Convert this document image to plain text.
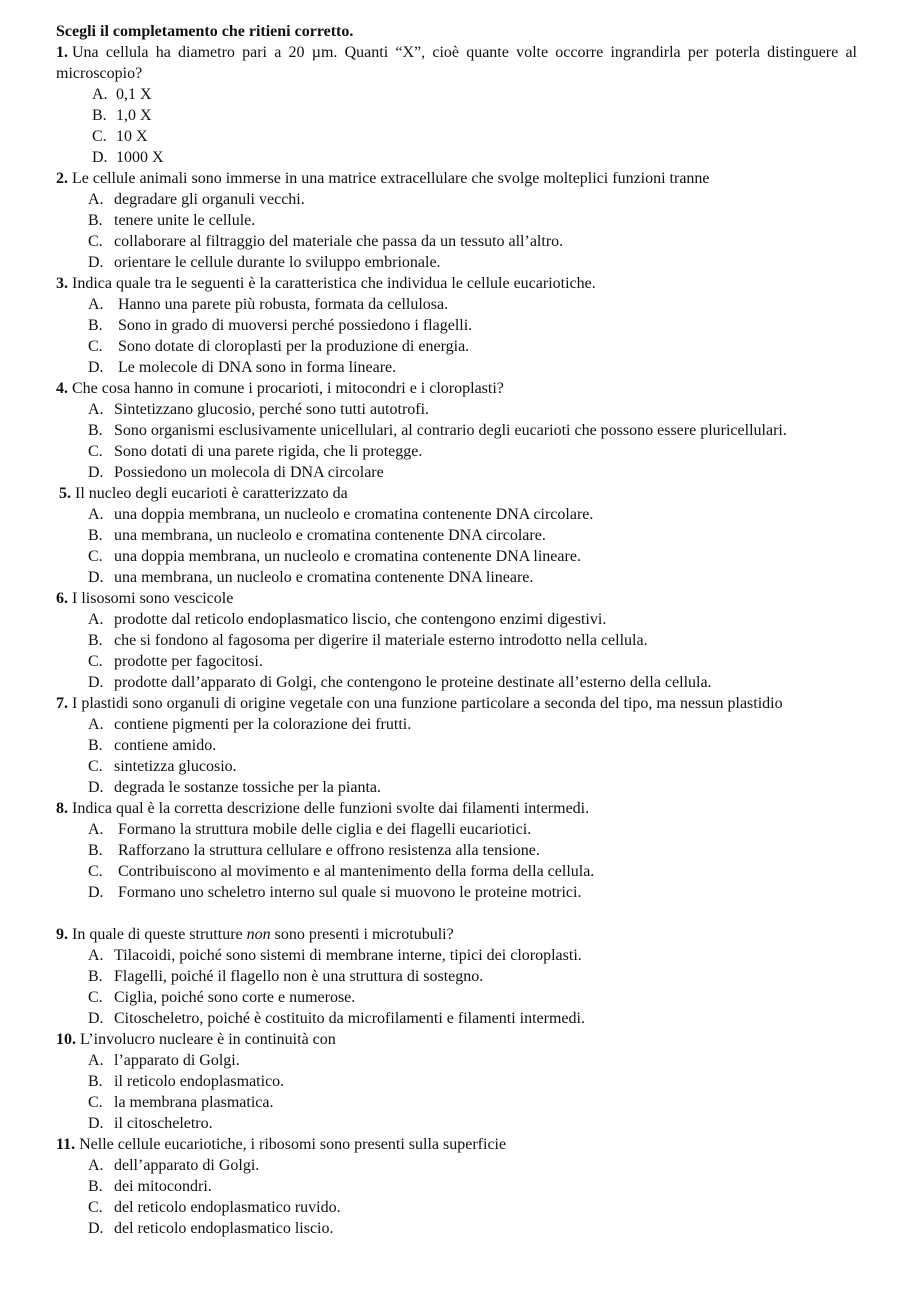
Scegli il completamento che ritieni corretto.

1. Una cellula ha diametro pari a 20 µm. Quanti “X”, cioè quante volte occorre ingrandirla per poterla distinguere al microscopio?

A. 0,1 X
B. 1,0 X
C. 10 X
D. 1000 X

2. Le cellule animali sono immerse in una matrice extracellulare che svolge molteplici funzioni tranne

A. degradare gli organuli vecchi.
B. tenere unite le cellule.
C. collaborare al filtraggio del materiale che passa da un tessuto all’altro.
D. orientare le cellule durante lo sviluppo embrionale.

3. Indica quale tra le seguenti è la caratteristica che individua le cellule eucariotiche.

A. Hanno una parete più robusta, formata da cellulosa.
B. Sono in grado di muoversi perché possiedono i flagelli.
C. Sono dotate di cloroplasti per la produzione di energia.
D. Le molecole di DNA sono in forma lineare.

4. Che cosa hanno in comune i procarioti, i mitocondri e i cloroplasti?

A. Sintetizzano glucosio, perché sono tutti autotrofi.
B. Sono organismi esclusivamente unicellulari, al contrario degli eucarioti che possono essere pluricellulari.
C. Sono dotati di una parete rigida, che li protegge.
D. Possiedono un molecola di DNA circolare

5. Il nucleo degli eucarioti è caratterizzato da

A. una doppia membrana, un nucleolo e cromatina contenente DNA circolare.
B. una membrana, un nucleolo e cromatina contenente DNA circolare.
C. una doppia membrana, un nucleolo e cromatina contenente DNA lineare.
D. una membrana, un nucleolo e cromatina contenente DNA lineare.

6. I lisosomi sono vescicole

A. prodotte dal reticolo endoplasmatico liscio, che contengono enzimi digestivi.
B. che si fondono al fagosoma per digerire il materiale esterno introdotto nella cellula.
C. prodotte per fagocitosi.
D. prodotte dall’apparato di Golgi, che contengono le proteine destinate all’esterno della cellula.

7. I plastidi sono organuli di origine vegetale con una funzione particolare a seconda del tipo, ma nessun plastidio

A. contiene pigmenti per la colorazione dei frutti.
B. contiene amido.
C. sintetizza glucosio.
D. degrada le sostanze tossiche per la pianta.

8. Indica qual è la corretta descrizione delle funzioni svolte dai filamenti intermedi.

A. Formano la struttura mobile delle ciglia e dei flagelli eucariotici.
B. Rafforzano la struttura cellulare e offrono resistenza alla tensione.
C. Contribuiscono al movimento e al mantenimento della forma della cellula.
D. Formano uno scheletro interno sul quale si muovono le proteine motrici.

9. In quale di queste strutture non sono presenti i microtubuli?

A. Tilacoidi, poiché sono sistemi di membrane interne, tipici dei cloroplasti.
B. Flagelli, poiché il flagello non è una struttura di sostegno.
C. Ciglia, poiché sono corte e numerose.
D. Citoscheletro, poiché è costituito da microfilamenti e filamenti intermedi.

10. L’involucro nucleare è in continuità con

A. l’apparato di Golgi.
B. il reticolo endoplasmatico.
C. la membrana plasmatica.
D. il citoscheletro.

11. Nelle cellule eucariotiche, i ribosomi sono presenti sulla superficie

A. dell’apparato di Golgi.
B. dei mitocondri.
C. del reticolo endoplasmatico ruvido.
D. del reticolo endoplasmatico liscio.
